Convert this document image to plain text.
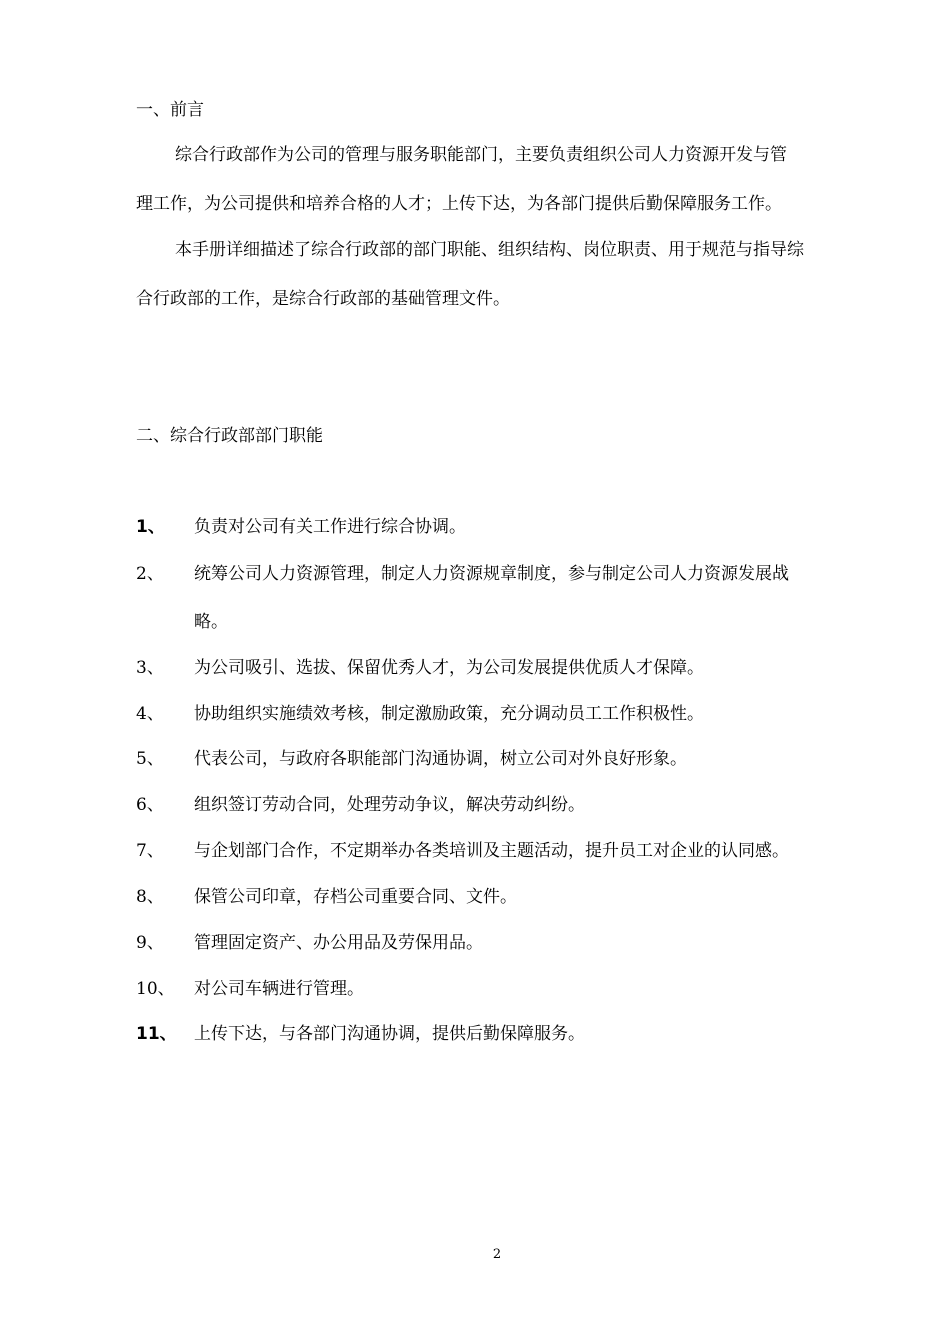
一、前言

综合行政部作为公司的管理与服务职能部门，主要负责组织公司人力资源开发与管

理工作，为公司提供和培养合格的人才；上传下达，为各部门提供后勤保障服务工作。

本手册详细描述了综合行政部的部门职能、组织结构、岗位职责、用于规范与指导综

合行政部的工作，是综合行政部的基础管理文件。

二、综合行政部部门职能

1、 负责对公司有关工作进行综合协调。

2、 统筹公司人力资源管理，制定人力资源规章制度，参与制定公司人力资源发展战

略。

3、 为公司吸引、选拔、保留优秀人才，为公司发展提供优质人才保障。

4、 协助组织实施绩效考核，制定激励政策，充分调动员工工作积极性。

5、 代表公司，与政府各职能部门沟通协调，树立公司对外良好形象。

6、 组织签订劳动合同，处理劳动争议，解决劳动纠纷。

7、 与企划部门合作，不定期举办各类培训及主题活动，提升员工对企业的认同感。

8、 保管公司印章，存档公司重要合同、文件。

9、 管理固定资产、办公用品及劳保用品。

10、 对公司车辆进行管理。

11、 上传下达，与各部门沟通协调，提供后勤保障服务。

2
